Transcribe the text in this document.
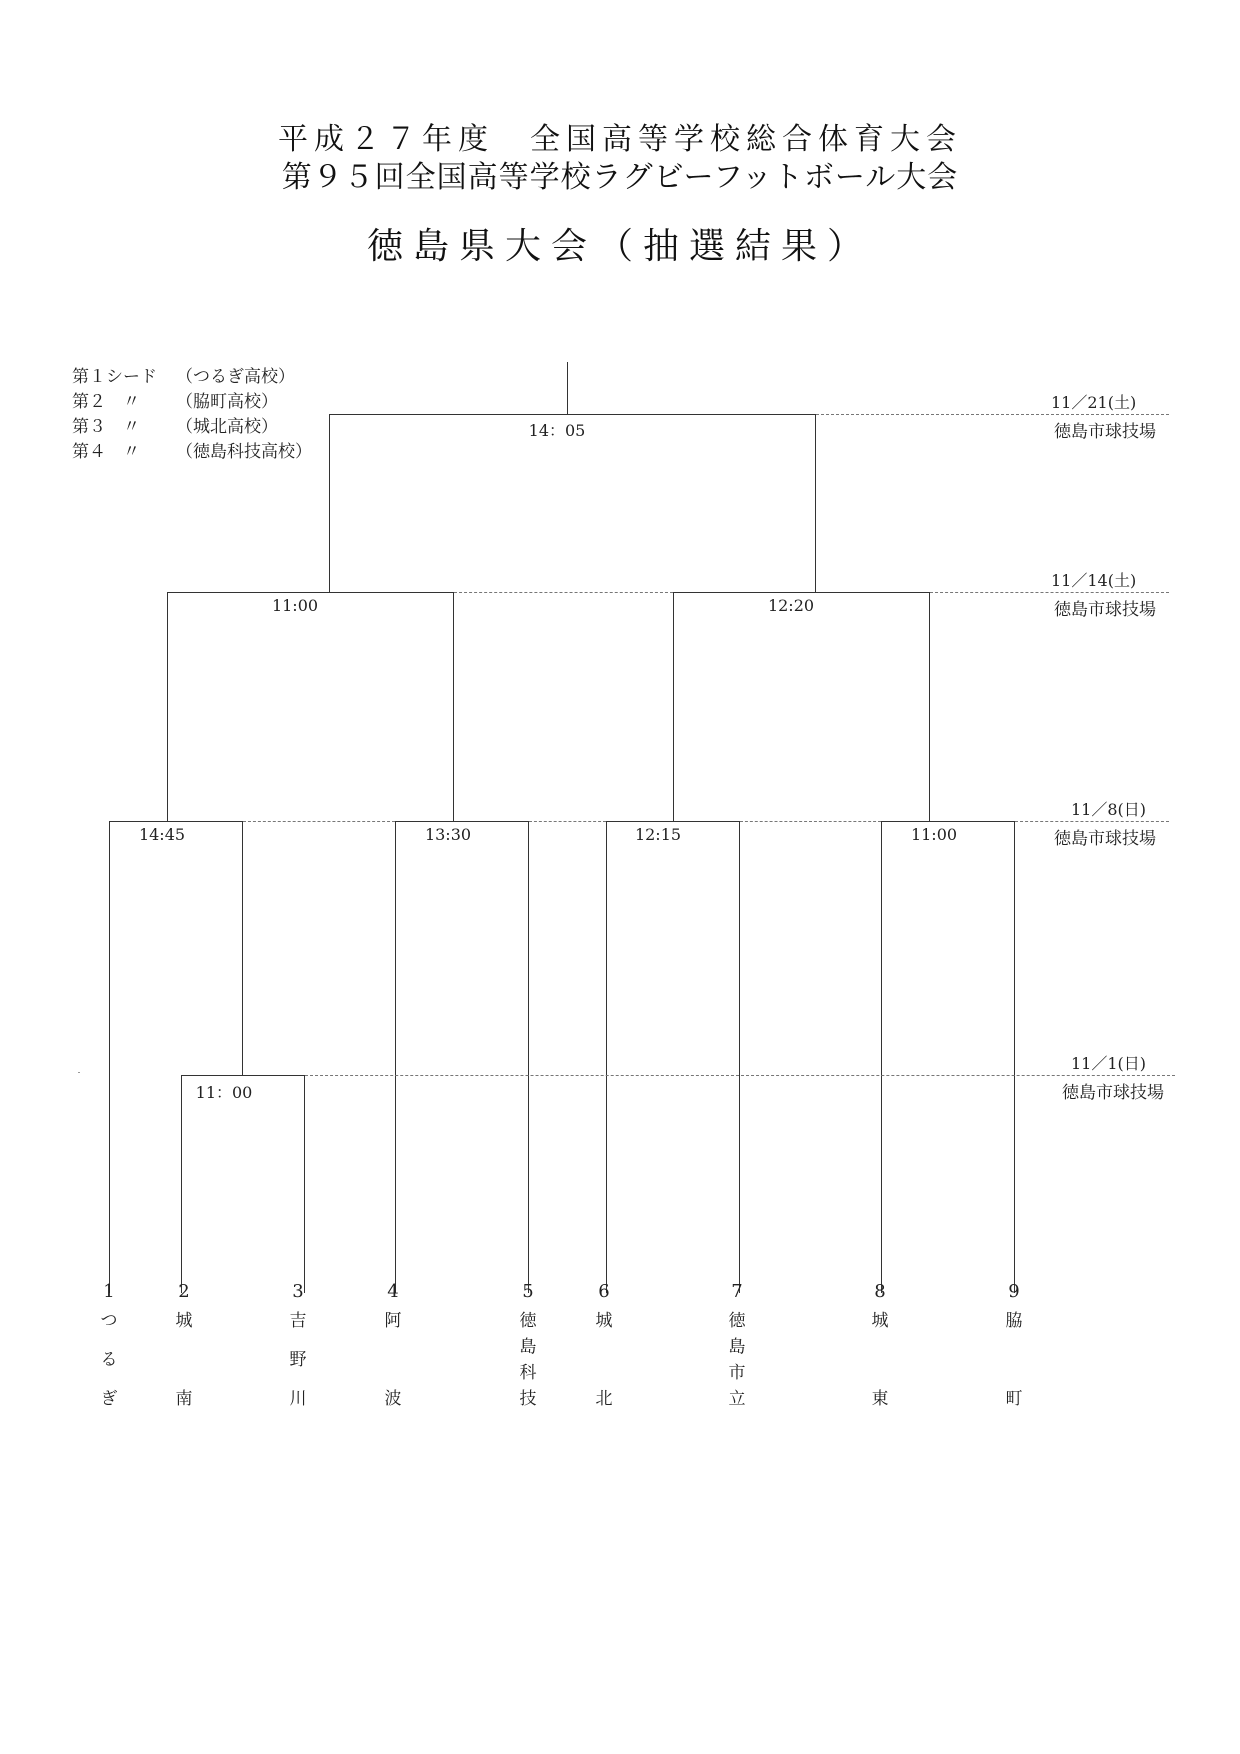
平成２７年度　全国高等学校総合体育大会
第９５回全国高等学校ラグビーフットボール大会
徳島県大会（抽選結果）
第１シード （つるぎ高校）
第２　〃 （脇町高校）
第３　〃 （城北高校）
第４　〃 （徳島科技高校）
14：05
11:00	12:20
14:45	13:30	12:15	11:00
11：00
11／21(土)
徳島市球技場
11／14(土)
徳島市球技場
11／8(日)
徳島市球技場
11／1(日)
徳島市球技場
1
つ
る
ぎ
2
城
南
3
吉
野
川
4
阿
波
5
徳
島
科
技
6
城
北
7
徳
島
市
立
8
城
東
9
脇
町
